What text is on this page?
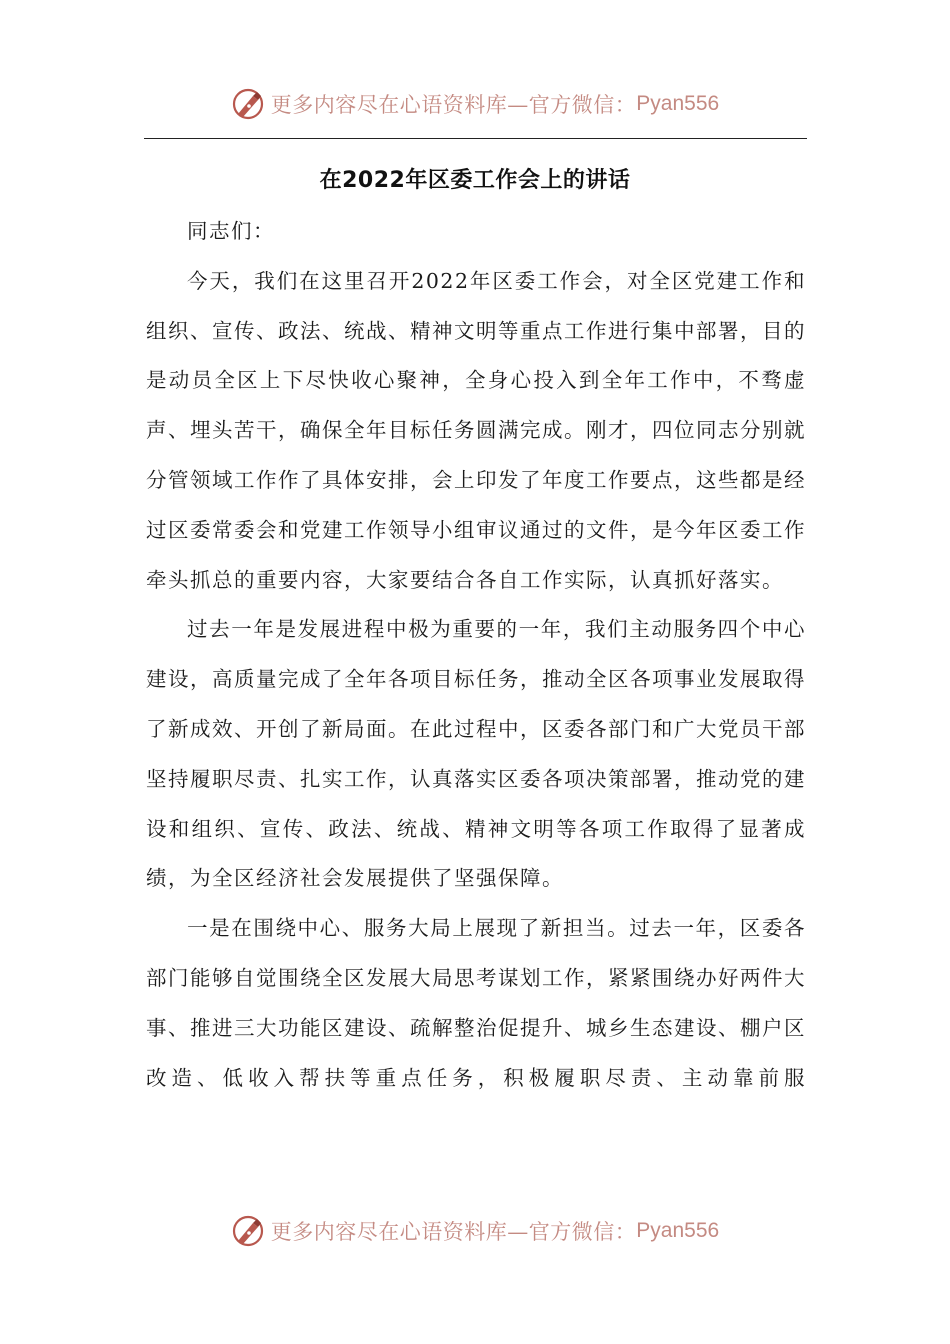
更多内容尽在心语资料库—官方微信： Pyan556
在2022年区委工作会上的讲话

同志们：

今天，我们在这里召开2022年区委工作会，对全区党建工作和组织、宣传、政法、统战、精神文明等重点工作进行集中部署，目的是动员全区上下尽快收心聚神，全身心投入到全年工作中，不骛虚声、埋头苦干，确保全年目标任务圆满完成。刚才，四位同志分别就分管领域工作作了具体安排，会上印发了年度工作要点，这些都是经过区委常委会和党建工作领导小组审议通过的文件，是今年区委工作牵头抓总的重要内容，大家要结合各自工作实际，认真抓好落实。

过去一年是发展进程中极为重要的一年，我们主动服务四个中心建设，高质量完成了全年各项目标任务，推动全区各项事业发展取得了新成效、开创了新局面。在此过程中，区委各部门和广大党员干部坚持履职尽责、扎实工作，认真落实区委各项决策部署，推动党的建设和组织、宣传、政法、统战、精神文明等各项工作取得了显著成绩，为全区经济社会发展提供了坚强保障。

一是在围绕中心、服务大局上展现了新担当。过去一年，区委各部门能够自觉围绕全区发展大局思考谋划工作，紧紧围绕办好两件大事、推进三大功能区建设、疏解整治促提升、城乡生态建设、棚户区改造、低收入帮扶等重点任务，积极履职尽责、主动靠前服

更多内容尽在心语资料库—官方微信： Pyan556
